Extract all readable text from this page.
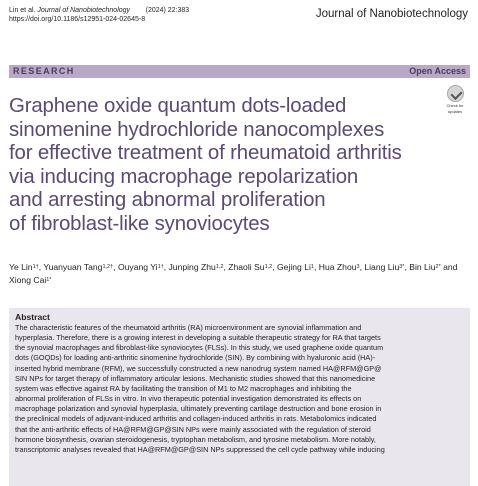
Lin et al. Journal of Nanobiotechnology (2024) 22:383
https://doi.org/10.1186/s12951-024-02645-8	Journal of Nanobiotechnology
RESEARCH	Open Access
Graphene oxide quantum dots-loaded
sinomenine hydrochloride nanocomplexes
for effective treatment of rheumatoid arthritis
via inducing macrophage repolarization
and arresting abnormal proliferation
of fibroblast-like synoviocytes
Check for
updates
Ye Lin$^{1\dagger}$, Yuanyuan Tang$^{1,2\dagger}$, Ouyang $Yi^{1\dagger}$, Junping Zhu$^{1,2}$, Zhaoli Su$^{1,2}$, Gejing Li$^1$, Hua Zhou$^3$, Liang Liu$^{3*}$, Bin Liu$^{2*}$ and Xiong Cai$^{1*}$
Abstract
The characteristic features of the rheumatoid arthritis (RA) microenvironment are synovial inflammation and
hyperplasia. Therefore, there is a growing interest in developing a suitable therapeutic strategy for RA that targets
the synovial macrophages and fibroblast-like synoviocytes (FLSs). In this study, we used graphene oxide quantum
dots (GOQDs) for loading anti-arthritic sinomenine hydrochloride (SIN). By combining with hyaluronic acid (HA)-
inserted hybrid membrane (RFM), we successfully constructed a new nanodrug system named HA@RFM@GP@
SIN NPs for target therapy of inflammatory articular lesions. Mechanistic studies showed that this nanomedicine
system was effective against RA by facilitating the transition of M1 to M2 macrophages and inhibiting the
abnormal proliferation of FLSs in vitro. In vivo therapeutic potential investigation demonstrated its effects on
macrophage polarization and synovial hyperplasia, ultimately preventing cartilage destruction and bone erosion in
the preclinical models of adjuvant-induced arthritis and collagen-induced arthritis in rats. Metabolomics indicated
that the anti-arthritic effects of HA@RFM@GP@SIN NPs were mainly associated with the regulation of steroid
hormone biosynthesis, ovarian steroidogenesis, tryptophan metabolism, and tyrosine metabolism. More notably,
transcriptomic analyses revealed that HA@RFM@GP@SIN NPs suppressed the cell cycle pathway while inducing
